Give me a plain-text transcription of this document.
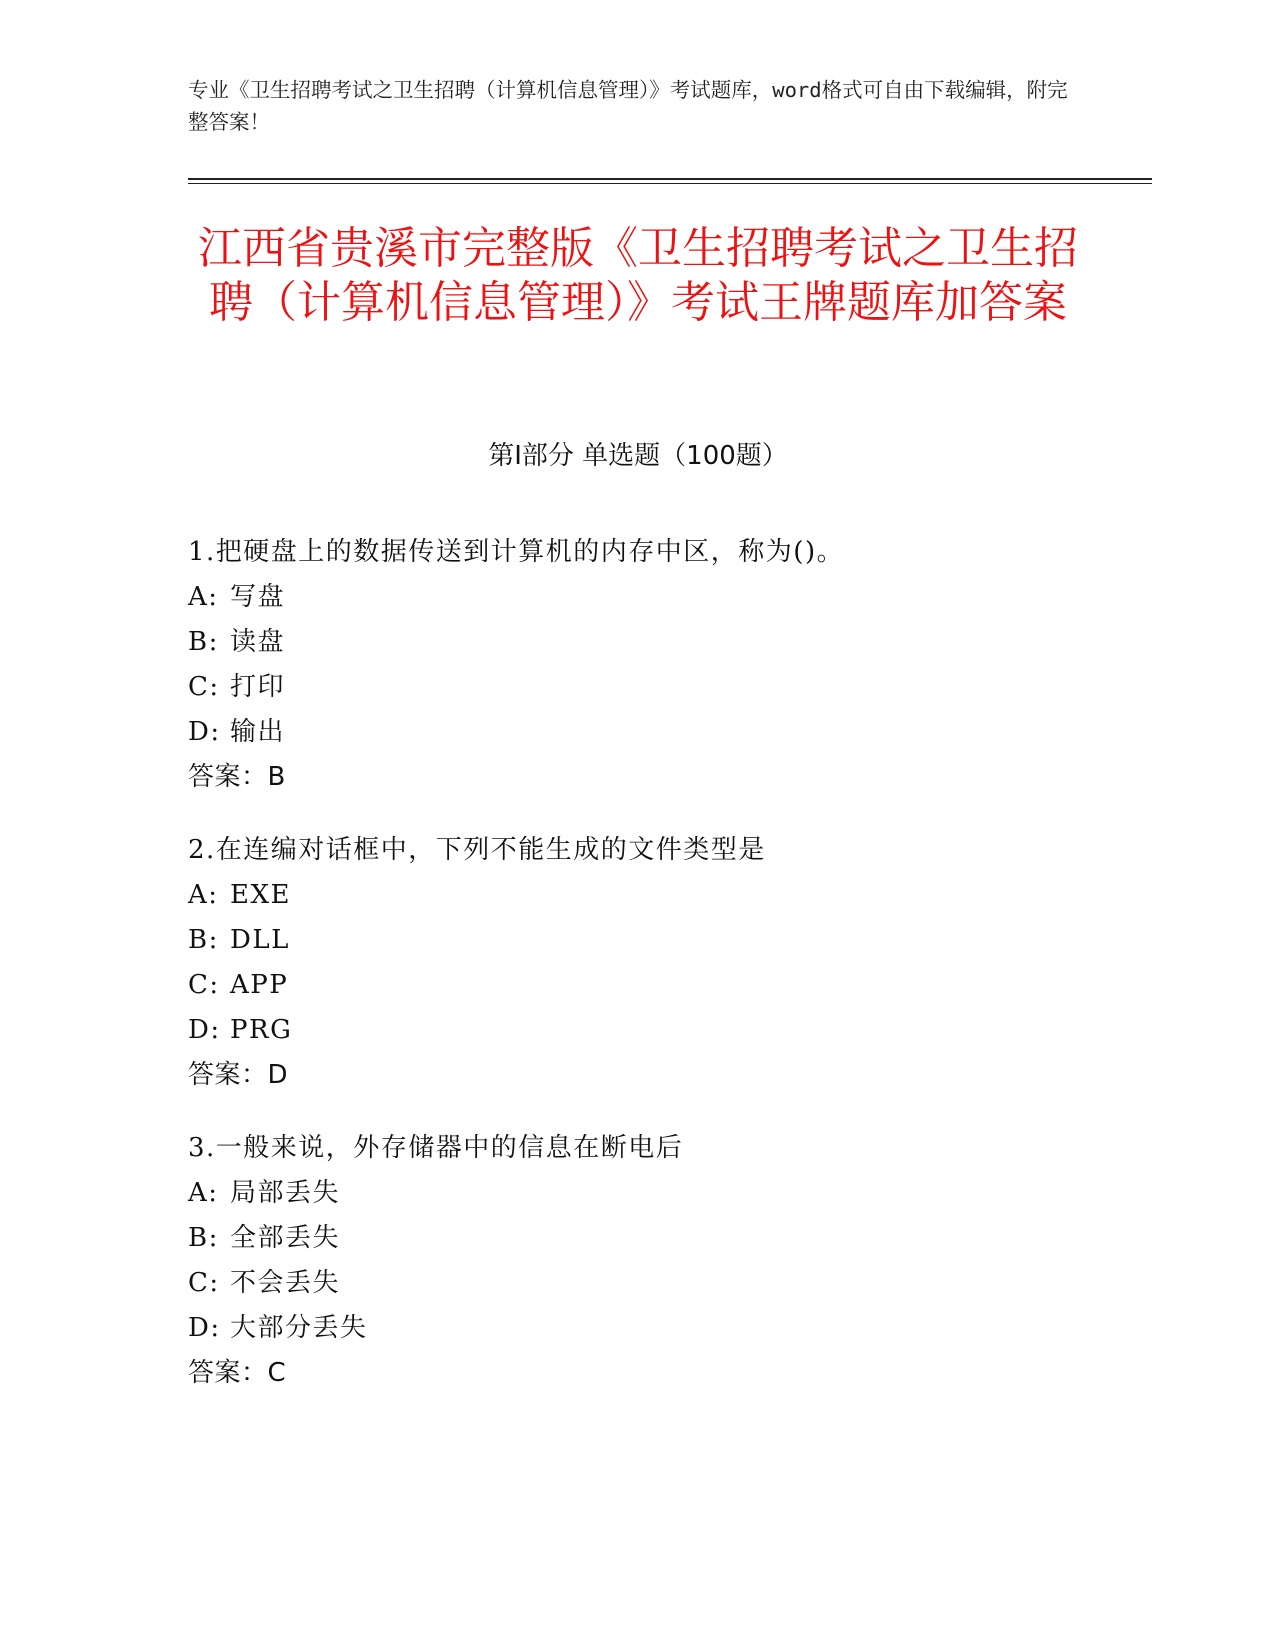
专业《卫生招聘考试之卫生招聘（计算机信息管理）》考试题库，word格式可自由下载编辑，附完整答案！
江西省贵溪市完整版《卫生招聘考试之卫生招聘（计算机信息管理）》考试王牌题库加答案
第Ⅰ部分 单选题（100题）
1.把硬盘上的数据传送到计算机的内存中区，称为()。
A: 写盘
B: 读盘
C: 打印
D: 输出
答案：B
2.在连编对话框中，下列不能生成的文件类型是
A: EXE
B: DLL
C: APP
D: PRG
答案：D
3.一般来说，外存储器中的信息在断电后
A: 局部丢失
B: 全部丢失
C: 不会丢失
D: 大部分丢失
答案：C
